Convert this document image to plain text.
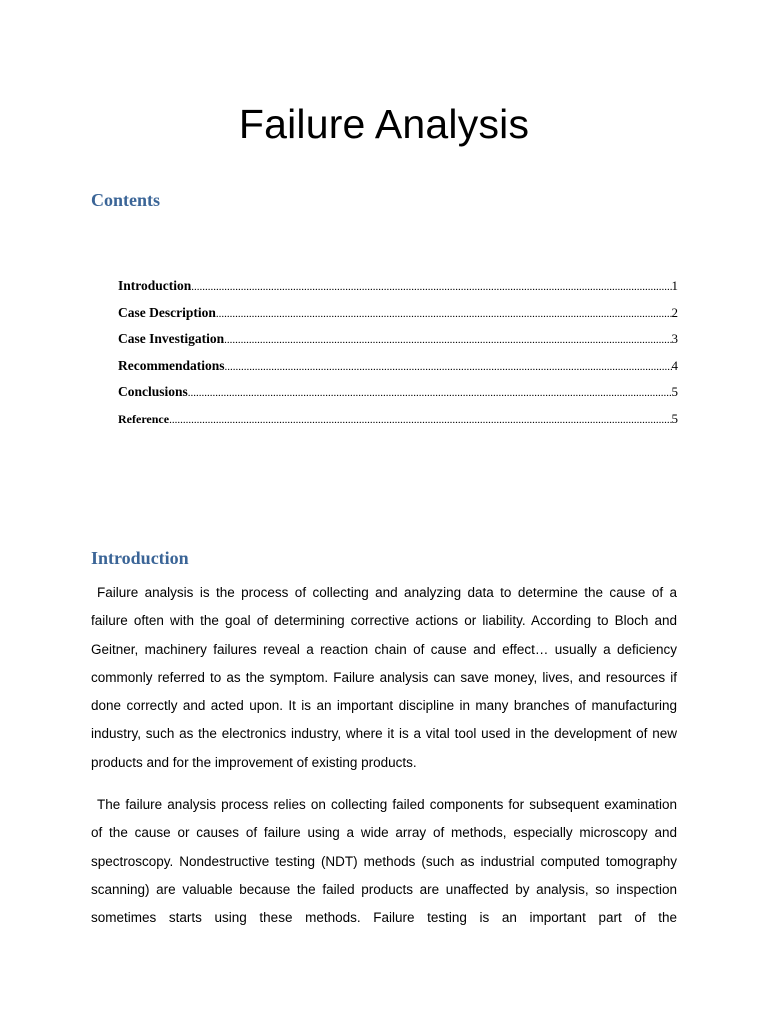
Failure Analysis
Contents
Introduction .....	1
Case Description .....	2
Case Investigation .....	3
Recommendations .....	4
Conclusions .....	5
Reference .....	5
Introduction

Failure analysis is the process of collecting and analyzing data to determine the cause of a failure often with the goal of determining corrective actions or liability. According to Bloch and Geitner, machinery failures reveal a reaction chain of cause and effect… usually a deficiency commonly referred to as the symptom. Failure analysis can save money, lives, and resources if done correctly and acted upon. It is an important discipline in many branches of manufacturing industry, such as the electronics industry, where it is a vital tool used in the development of new products and for the improvement of existing products.

The failure analysis process relies on collecting failed components for subsequent examination of the cause or causes of failure using a wide array of methods, especially microscopy and spectroscopy. Nondestructive testing (NDT) methods (such as industrial computed tomography scanning) are valuable because the failed products are unaffected by analysis, so inspection sometimes starts using these methods. Failure testing is an important part of the
